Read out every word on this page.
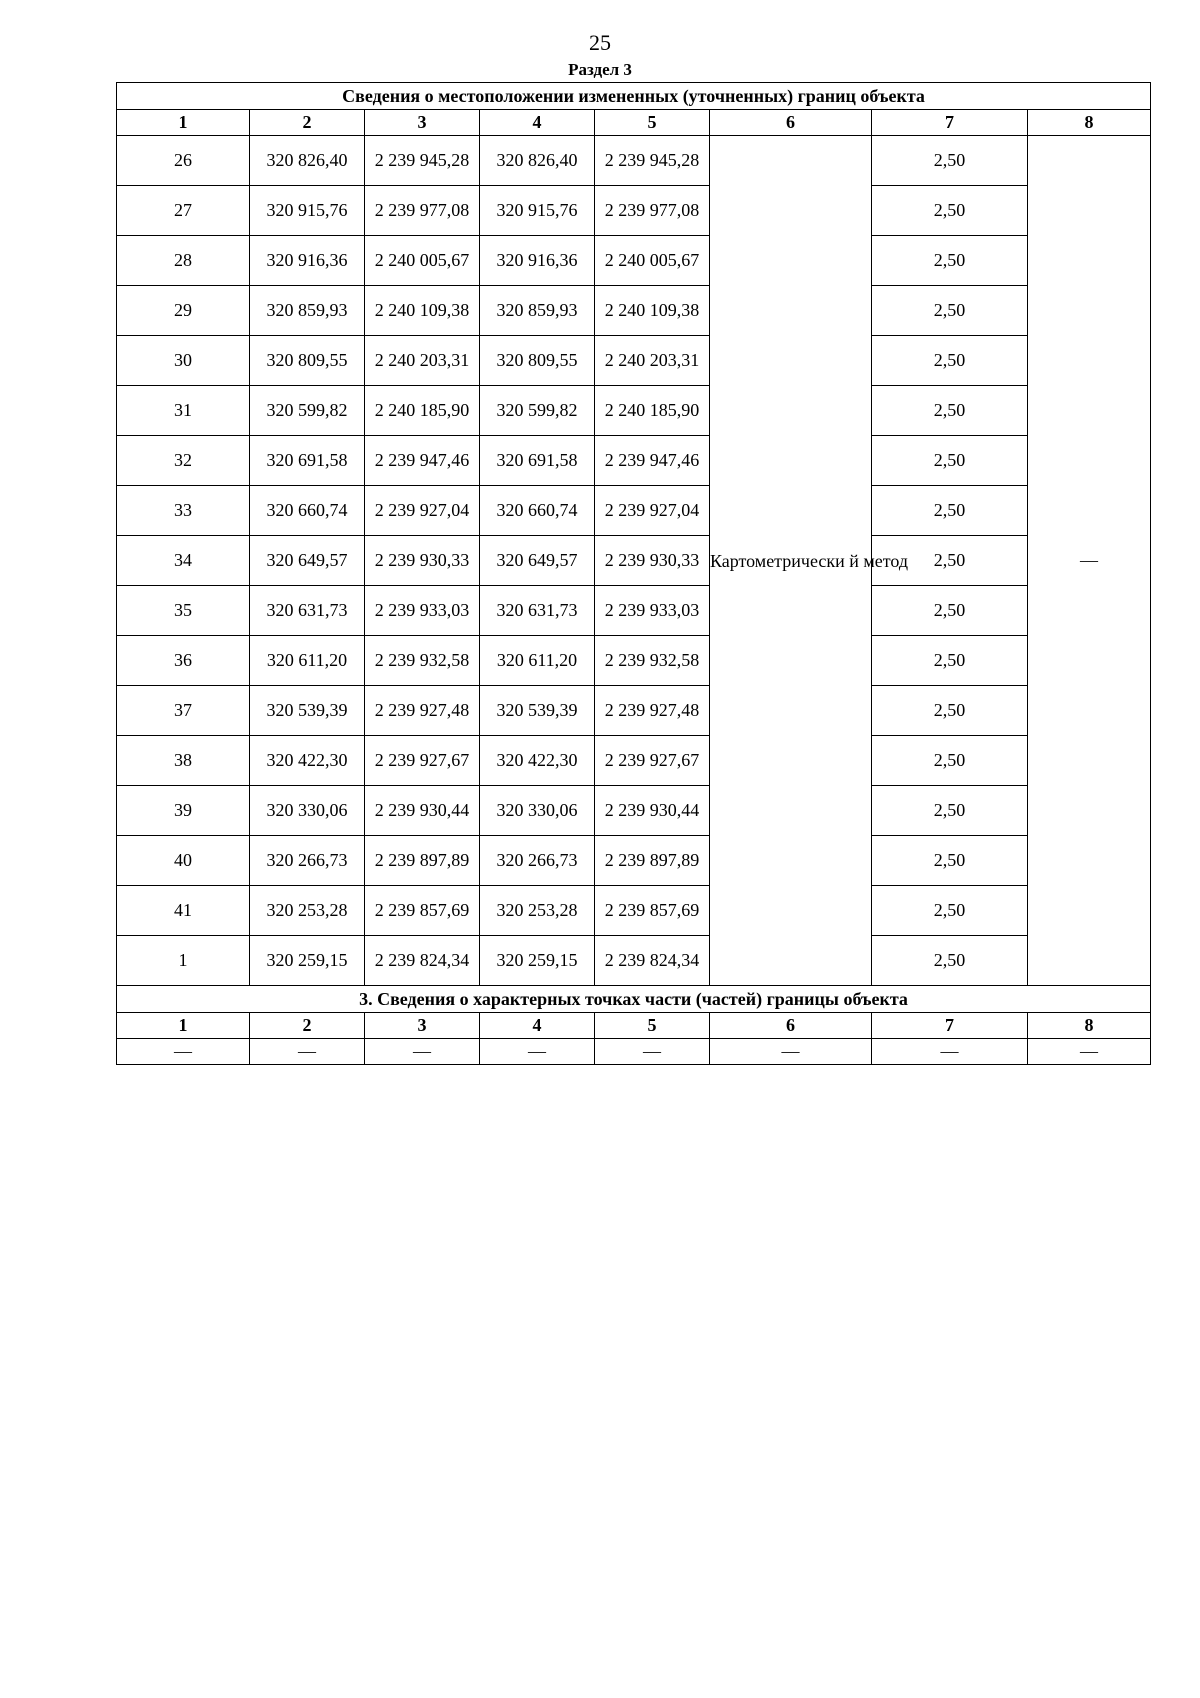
25
Раздел 3
Сведения о местоположении измененных (уточненных) границ объекта							
1	2	3	4	5	6	7	8
26	320 826,40	2 239 945,28	320 826,40	2 239 945,28	Картометрически й метод	2,50	—
27	320 915,76	2 239 977,08	320 915,76	2 239 977,08		2,50	
28	320 916,36	2 240 005,67	320 916,36	2 240 005,67		2,50	
29	320 859,93	2 240 109,38	320 859,93	2 240 109,38		2,50	
30	320 809,55	2 240 203,31	320 809,55	2 240 203,31		2,50	
31	320 599,82	2 240 185,90	320 599,82	2 240 185,90		2,50	
32	320 691,58	2 239 947,46	320 691,58	2 239 947,46		2,50	
33	320 660,74	2 239 927,04	320 660,74	2 239 927,04		2,50	
34	320 649,57	2 239 930,33	320 649,57	2 239 930,33		2,50	
35	320 631,73	2 239 933,03	320 631,73	2 239 933,03		2,50	
36	320 611,20	2 239 932,58	320 611,20	2 239 932,58		2,50	
37	320 539,39	2 239 927,48	320 539,39	2 239 927,48		2,50	
38	320 422,30	2 239 927,67	320 422,30	2 239 927,67		2,50	
39	320 330,06	2 239 930,44	320 330,06	2 239 930,44		2,50	
40	320 266,73	2 239 897,89	320 266,73	2 239 897,89		2,50	
41	320 253,28	2 239 857,69	320 253,28	2 239 857,69		2,50	
1	320 259,15	2 239 824,34	320 259,15	2 239 824,34		2,50	
3. Сведения о характерных точках части (частей) границы объекта							
1	2	3	4	5	6	7	8
—	—	—	—	—	—	—	—
